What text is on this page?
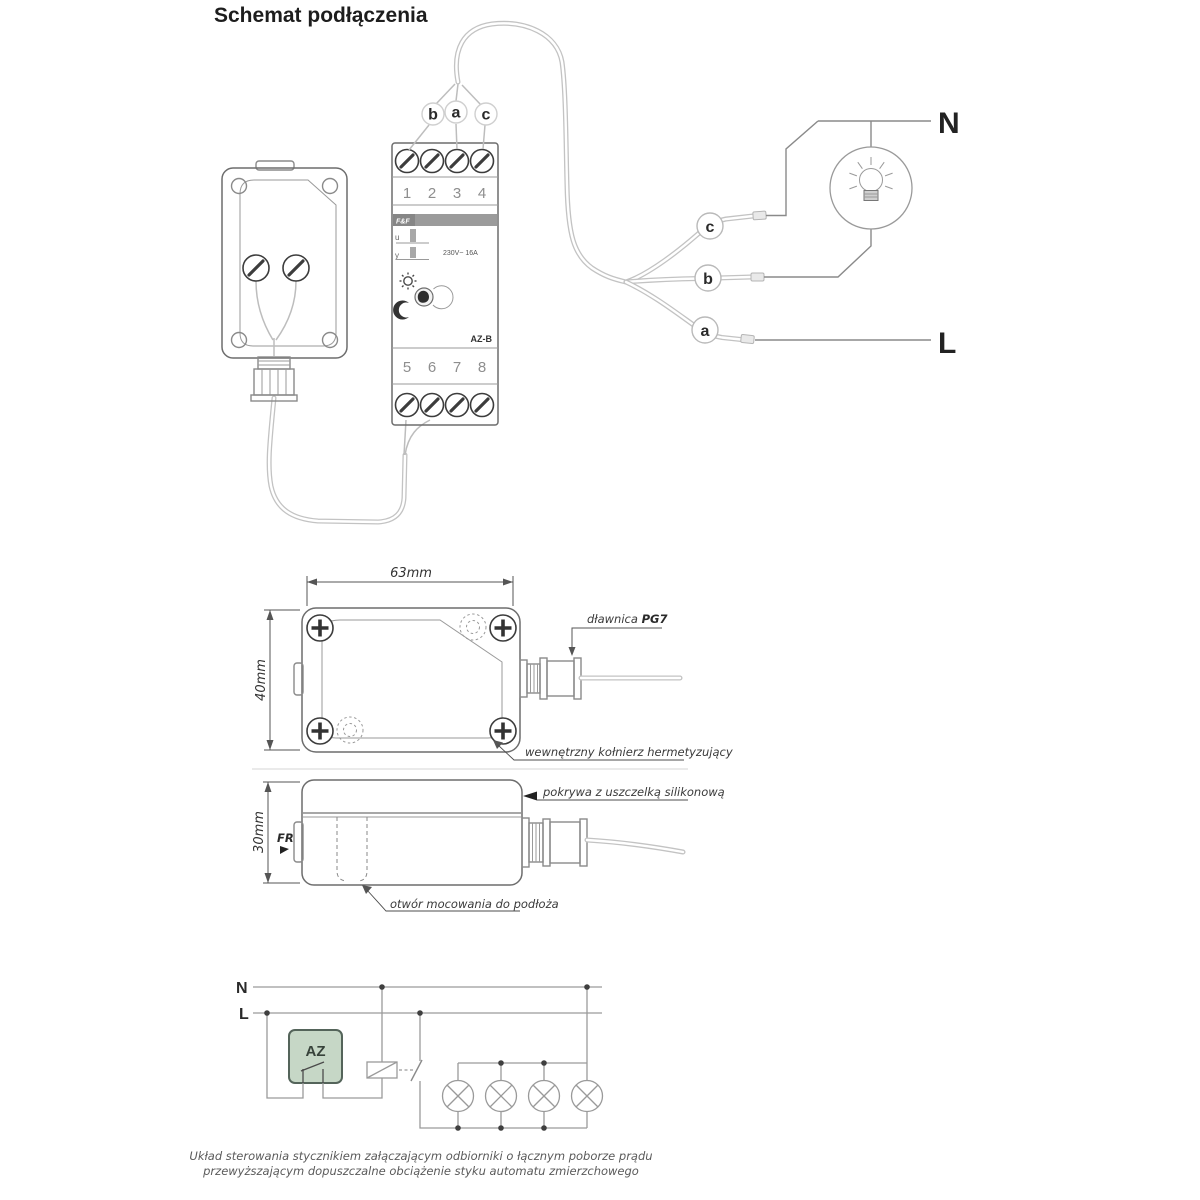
Schemat podłączenia
F&F
1 2 3 4
u
y	230V~ 16A
AZ-B
5 6 7 8
b a c
c
b
a
N
L
63mm
40mm
dławnica PG7
wewnętrzny kołnierz hermetyzujący
30mm FR
pokrywa z uszczelką silikonową
otwór mocowania do podłoża
N
L
AZ
Układ sterowania stycznikiem załączającym odbiorniki o łącznym poborze prądu
przewyższającym dopuszczalne obciążenie styku automatu zmierzchowego
